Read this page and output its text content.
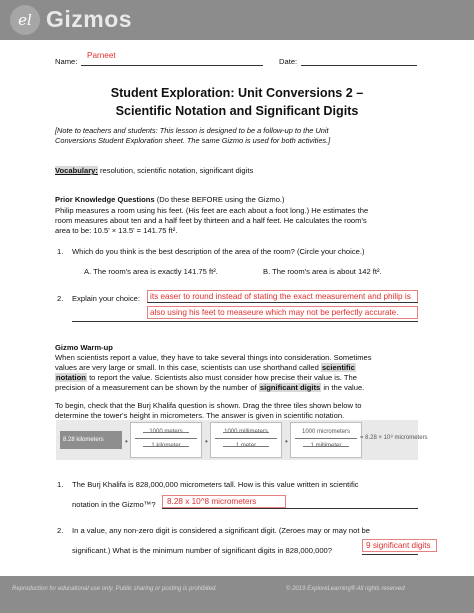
el Gizmos
Name:
Parneet
Date:
Student Exploration: Unit Conversions 2 –
Scientific Notation and Significant Digits
[Note to teachers and students: This lesson is designed to be a follow-up to the Unit
Conversions Student Exploration sheet. The same Gizmo is used for both activities.]
Vocabulary: resolution, scientific notation, significant digits
Prior Knowledge Questions (Do these BEFORE using the Gizmo.)
Philip measures a room using his feet. (His feet are each about a foot long.) He estimates the
room measures about ten and a half feet by thirteen and a half feet. He calculates the room's
area to be: 10.5' × 13.5' = 141.75 ft².
1. Which do you think is the best description of the area of the room? (Circle your choice.)
A. The room's area is exactly 141.75 ft².	B. The room's area is about 142 ft².
2. Explain your choice: its easer to round instead of stating the exact measurement and philip is
also using his feet to measeure which may not be perfectly accurate.
Gizmo Warm-up
When scientists report a value, they have to take several things into consideration. Sometimes
values are very large or small. In this case, scientists can use shorthand called scientific
notation to report the value. Scientists also must consider how precise their value is. The
precision of a measurement can be shown by the number of significant digits in the value.
To begin, check that the Burj Khalifa question is shown. Drag the three tiles shown below to
determine the tower's height in micrometers. The answer is given in scientific notation.
8.28 kilometers	•
1000 meters
1 kilometer	•
1000 millimeters
1 meter	•
1000 micrometers
1 millimeter
= 8.28 × 10⁸ micrometers
1. The Burj Khalifa is 828,000,000 micrometers tall. How is this value written in scientific
notation in the Gizmo™? 8.28 x 10^8 micrometers
2. In a value, any non-zero digit is considered a significant digit. (Zeroes may or may not be
significant.) What is the minimum number of significant digits in 828,000,000?
9 significant digits
Reproduction for educational use only. Public sharing or posting is prohibited.	© 2019 ExploreLearning® All rights reserved
